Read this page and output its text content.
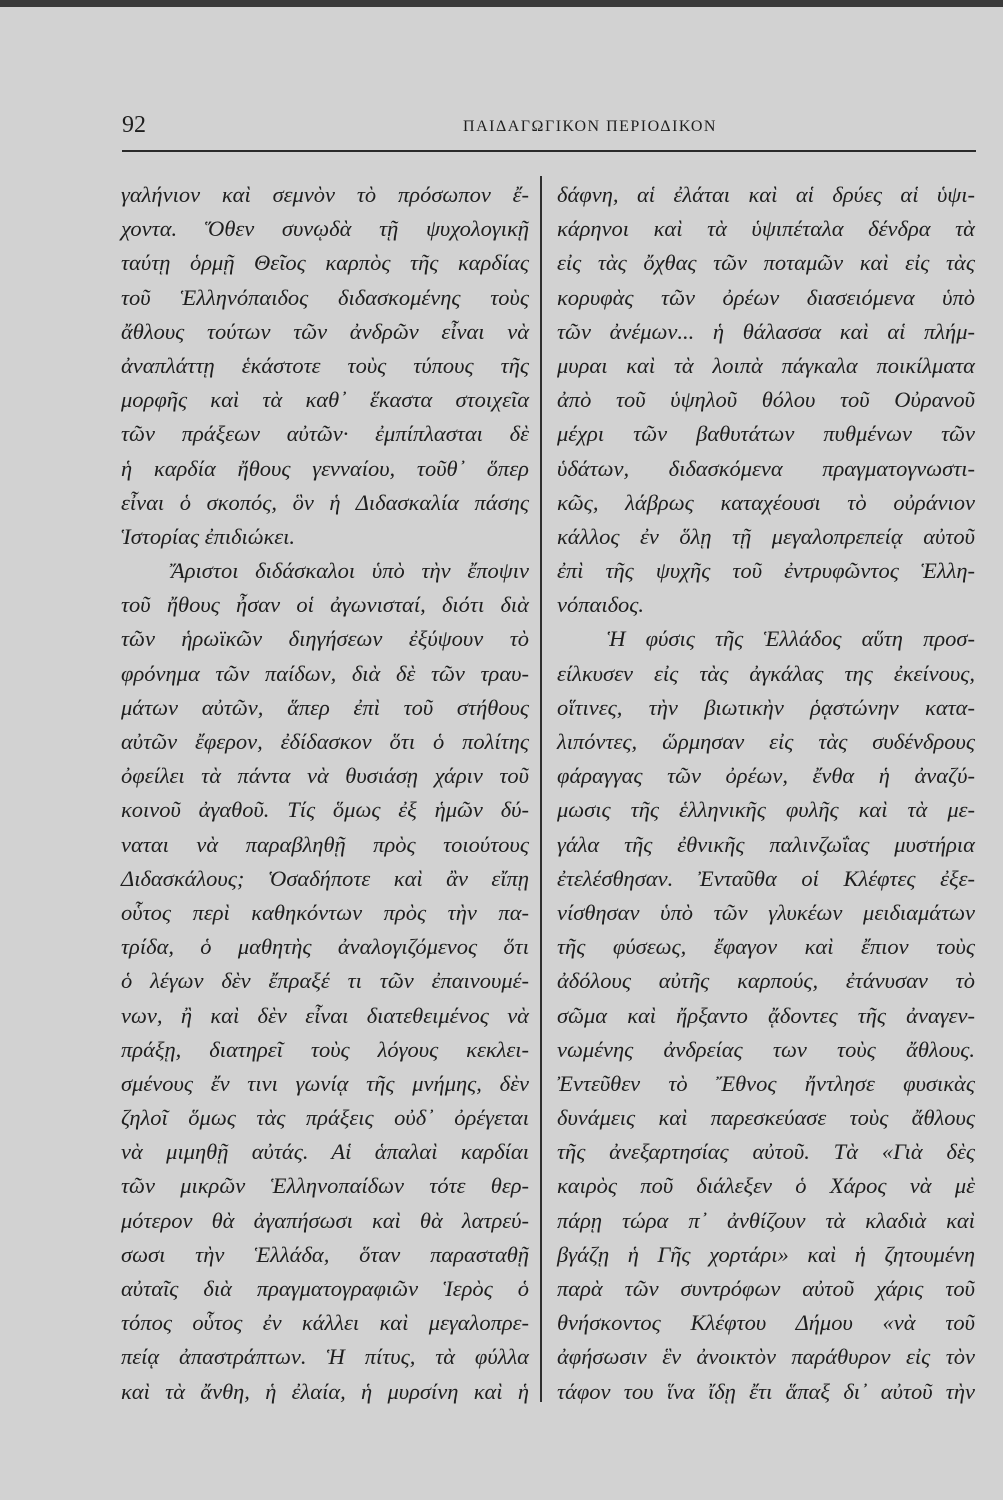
92	ΠΑΙΔΑΓΩΓΙΚΟΝ ΠΕΡΙΟΔΙΚΟΝ
γαλήνιον καὶ σεμνὸν τὸ πρόσωπον ἔ-
χοντα. Ὅθεν συνῳδὰ τῇ ψυχολογικῇ
ταύτῃ ὁρμῇ Θεῖος καρπὸς τῆς καρδίας
τοῦ Ἑλληνόπαιδος διδασκομένης τοὺς
ἄθλους τούτων τῶν ἀνδρῶν εἶναι νὰ
ἀναπλάττῃ ἑκάστοτε τοὺς τύπους τῆς
μορφῆς καὶ τὰ καθ᾽ ἕκαστα στοιχεῖα
τῶν πράξεων αὐτῶν· ἐμπίπλασται δὲ
ἡ καρδία ἤθους γενναίου, τοῦθ᾽ ὅπερ
εἶναι ὁ σκοπός, ὃν ἡ Διδασκαλία πάσης
Ἱστορίας ἐπιδιώκει.
Ἄριστοι διδάσκαλοι ὑπὸ τὴν ἔποψιν
τοῦ ἤθους ἦσαν οἱ ἀγωνισταί, διότι διὰ
τῶν ἡρωϊκῶν διηγήσεων ἐξύψουν τὸ
φρόνημα τῶν παίδων, διὰ δὲ τῶν τραυ-
μάτων αὐτῶν, ἅπερ ἐπὶ τοῦ στήθους
αὐτῶν ἔφερον, ἐδίδασκον ὅτι ὁ πολίτης
ὀφείλει τὰ πάντα νὰ θυσιάσῃ χάριν τοῦ
κοινοῦ ἀγαθοῦ. Τίς ὅμως ἐξ ἡμῶν δύ-
ναται νὰ παραβληθῇ πρὸς τοιούτους
Διδασκάλους; Ὁσαδήποτε καὶ ἂν εἴπῃ
οὗτος περὶ καθηκόντων πρὸς τὴν πα-
τρίδα, ὁ μαθητὴς ἀναλογιζόμενος ὅτι
ὁ λέγων δὲν ἔπραξέ τι τῶν ἐπαινουμέ-
νων, ἢ καὶ δὲν εἶναι διατεθειμένος νὰ
πράξῃ, διατηρεῖ τοὺς λόγους κεκλει-
σμένους ἔν τινι γωνίᾳ τῆς μνήμης, δὲν
ζηλοῖ ὅμως τὰς πράξεις οὐδ᾽ ὀρέγεται
νὰ μιμηθῇ αὐτάς. Αἱ ἁπαλαὶ καρδίαι
τῶν μικρῶν Ἑλληνοπαίδων τότε θερ-
μότερον θὰ ἀγαπήσωσι καὶ θὰ λατρεύ-
σωσι τὴν Ἑλλάδα, ὅταν παρασταθῇ
αὐταῖς διὰ πραγματογραφιῶν Ἱερὸς ὁ
τόπος οὗτος ἐν κάλλει καὶ μεγαλοπρε-
πείᾳ ἀπαστράπτων. Ἡ πίτυς, τὰ φύλλα
καὶ τὰ ἄνθη, ἡ ἐλαία, ἡ μυρσίνη καὶ ἡ
δάφνη, αἱ ἐλάται καὶ αἱ δρύες αἱ ὑψι-
κάρηνοι καὶ τὰ ὑψιπέταλα δένδρα τὰ
εἰς τὰς ὄχθας τῶν ποταμῶν καὶ εἰς τὰς
κορυφὰς τῶν ὀρέων διασειόμενα ὑπὸ
τῶν ἀνέμων... ἡ θάλασσα καὶ αἱ πλήμ-
μυραι καὶ τὰ λοιπὰ πάγκαλα ποικίλματα
ἀπὸ τοῦ ὑψηλοῦ θόλου τοῦ Οὐρανοῦ
μέχρι τῶν βαθυτάτων πυθμένων τῶν
ὑδάτων, διδασκόμενα πραγματογνωστι-
κῶς, λάβρως καταχέουσι τὸ οὐράνιον
κάλλος ἐν ὅλῃ τῇ μεγαλοπρεπείᾳ αὐτοῦ
ἐπὶ τῆς ψυχῆς τοῦ ἐντρυφῶντος Ἑλλη-
νόπαιδος.
Ἡ φύσις τῆς Ἑλλάδος αὕτη προσ-
είλκυσεν εἰς τὰς ἀγκάλας της ἐκείνους,
οἵτινες, τὴν βιωτικὴν ῥᾳστώνην κατα-
λιπόντες, ὥρμησαν εἰς τὰς συδένδρους
φάραγγας τῶν ὀρέων, ἔνθα ἡ ἀναζύ-
μωσις τῆς ἑλληνικῆς φυλῆς καὶ τὰ με-
γάλα τῆς ἐθνικῆς παλινζωΐας μυστήρια
ἐτελέσθησαν. Ἐνταῦθα οἱ Κλέφτες ἐξε-
νίσθησαν ὑπὸ τῶν γλυκέων μειδιαμάτων
τῆς φύσεως, ἔφαγον καὶ ἔπιον τοὺς
ἀδόλους αὐτῆς καρπούς, ἐτάνυσαν τὸ
σῶμα καὶ ἤρξαντο ᾄδοντες τῆς ἀναγεν-
νωμένης ἀνδρείας των τοὺς ἄθλους.
Ἐντεῦθεν τὸ Ἔθνος ἤντλησε φυσικὰς
δυνάμεις καὶ παρεσκεύασε τοὺς ἄθλους
τῆς ἀνεξαρτησίας αὐτοῦ. Τὰ «Γιὰ δὲς
καιρὸς ποῦ διάλεξεν ὁ Χάρος νὰ μὲ
πάρῃ τώρα π᾽ ἀνθίζουν τὰ κλαδιὰ καὶ
βγάζῃ ἡ Γῆς χορτάρι» καὶ ἡ ζητουμένη
παρὰ τῶν συντρόφων αὐτοῦ χάρις τοῦ
θνήσκοντος Κλέφτου Δήμου «νὰ τοῦ
ἀφήσωσιν ἓν ἀνοικτὸν παράθυρον εἰς τὸν
τάφον του ἵνα ἴδῃ ἔτι ἅπαξ δι᾽ αὐτοῦ τὴν
